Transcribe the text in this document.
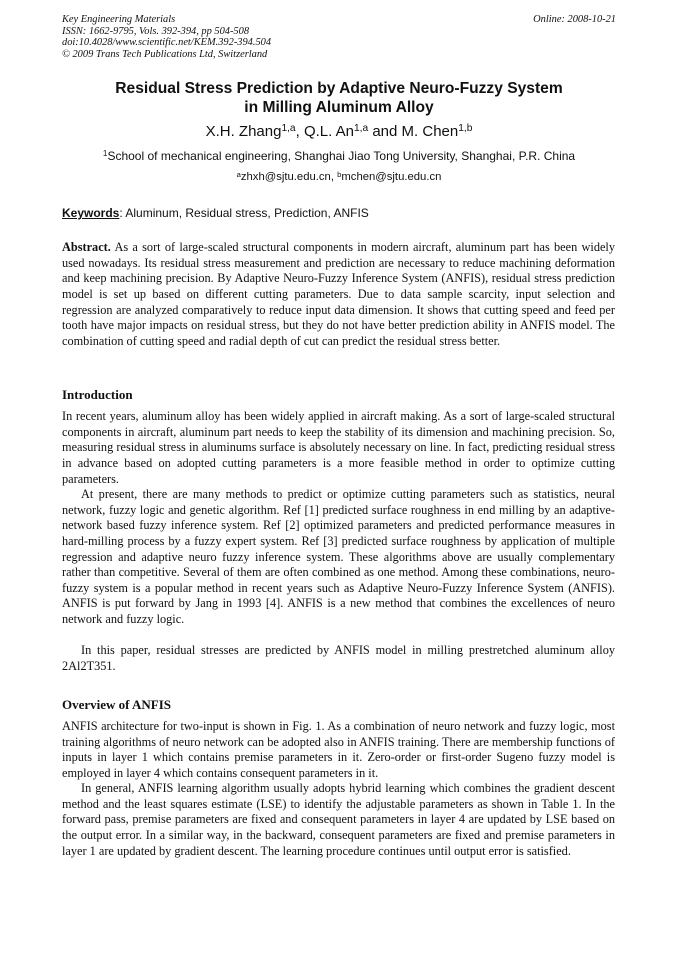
Key Engineering Materials
ISSN: 1662-9795, Vols. 392-394, pp 504-508
doi:10.4028/www.scientific.net/KEM.392-394.504
© 2009 Trans Tech Publications Ltd, Switzerland
Online: 2008-10-21
Residual Stress Prediction by Adaptive Neuro-Fuzzy System
in Milling Aluminum Alloy
X.H. Zhang$^{1,a}$, Q.L. An$^{1,a}$ and M. Chen$^{1,b}$
$^1$School of mechanical engineering, Shanghai Jiao Tong University, Shanghai, P.R. China
$^a$zhxh@sjtu.edu.cn, $^b$mchen@sjtu.edu.cn
Keywords: Aluminum, Residual stress, Prediction, ANFIS

Abstract. As a sort of large-scaled structural components in modern aircraft, aluminum part has been widely used nowadays. Its residual stress measurement and prediction are necessary to reduce machining deformation and keep machining precision. By Adaptive Neuro-Fuzzy Inference System (ANFIS), residual stress prediction model is set up based on different cutting parameters. Due to data sample scarcity, input selection and regression are analyzed comparatively to reduce input data dimension. It shows that cutting speed and feed per tooth have major impacts on residual stress, but they do not have better prediction ability in ANFIS model. The combination of cutting speed and radial depth of cut can predict the residual stress better.

Introduction

In recent years, aluminum alloy has been widely applied in aircraft making. As a sort of large-scaled structural components in aircraft, aluminum part needs to keep the stability of its dimension and machining precision. So, measuring residual stress in aluminums surface is absolutely necessary on line. In fact, predicting residual stress in advance based on adopted cutting parameters is a more feasible method in order to optimize cutting parameters.

At present, there are many methods to predict or optimize cutting parameters such as statistics, neural network, fuzzy logic and genetic algorithm. Ref [1] predicted surface roughness in end milling by an adaptive-network based fuzzy inference system. Ref [2] optimized parameters and predicted performance measures in hard-milling process by a fuzzy expert system. Ref [3] predicted surface roughness by application of multiple regression and adaptive neuro fuzzy inference system. These algorithms above are usually complementary rather than competitive. Several of them are often combined as one method. Among these combinations, neuro-fuzzy system is a popular method in recent years such as Adaptive Neuro-Fuzzy Inference System (ANFIS). ANFIS is put forward by Jang in 1993 [4]. ANFIS is a new method that combines the excellences of neuro network and fuzzy logic.

In this paper, residual stresses are predicted by ANFIS model in milling prestretched aluminum alloy 2Al2T351.

Overview of ANFIS

ANFIS architecture for two-input is shown in Fig. 1. As a combination of neuro network and fuzzy logic, most training algorithms of neuro network can be adopted also in ANFIS training. There are membership functions of inputs in layer 1 which contains premise parameters in it. Zero-order or first-order Sugeno fuzzy model is employed in layer 4 which contains consequent parameters in it.

In general, ANFIS learning algorithm usually adopts hybrid learning which combines the gradient descent method and the least squares estimate (LSE) to identify the adjustable parameters as shown in Table 1. In the forward pass, premise parameters are fixed and consequent parameters in layer 4 are updated by LSE based on the output error. In a similar way, in the backward, consequent parameters are fixed and premise parameters in layer 1 are updated by gradient descent. The learning procedure continues until output error is satisfied.
